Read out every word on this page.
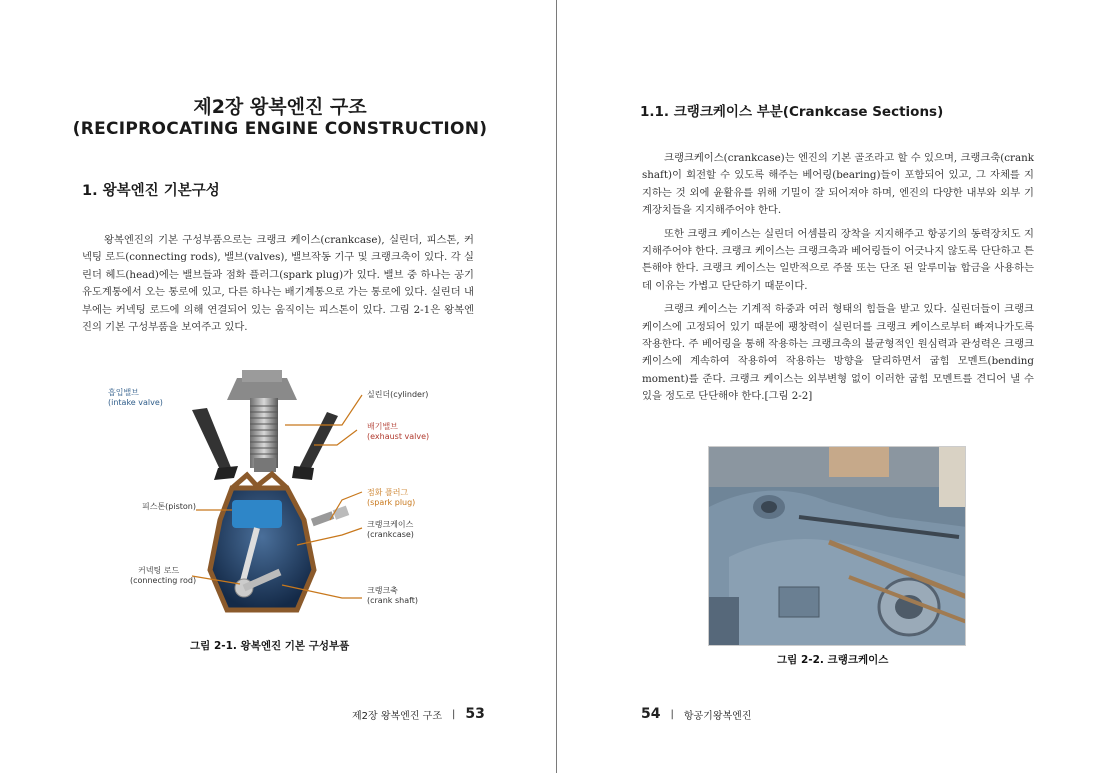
제2장 왕복엔진 구조
(RECIPROCATING ENGINE CONSTRUCTION)
1. 왕복엔진 기본구성

왕복엔진의 기본 구성부품으로는 크랭크 케이스(crankcase), 실린더, 피스톤, 커넥팅 로드(connecting rods), 밸브(valves), 밸브작동 기구 및 크랭크축이 있다. 각 실린더 헤드(head)에는 밸브들과 점화 플러그(spark plug)가 있다. 밸브 중 하나는 공기유도계통에서 오는 통로에 있고, 다른 하나는 배기계통으로 가는 통로에 있다. 실린더 내부에는 커넥팅 로드에 의해 연결되어 있는 움직이는 피스톤이 있다. 그림 2-1은 왕복엔진의 기본 구성부품을 보여주고 있다.

흡입밸브
(intake valve)
실린더(cylinder)
배기밸브
(exhaust valve)
피스톤(piston)
점화 플러그
(spark plug)
크랭크케이스
(crankcase)
커넥팅 로드
(connecting rod)
크랭크축
(crank shaft)
그림 2-1. 왕복엔진 기본 구성부품
제2장 왕복엔진 구조 | 53
1.1. 크랭크케이스 부분(Crankcase Sections)

크랭크케이스(crankcase)는 엔진의 기본 골조라고 할 수 있으며, 크랭크축(crank shaft)이 회전할 수 있도록 해주는 베어링(bearing)들이 포함되어 있고, 그 자체를 지지하는 것 외에 윤활유를 위해 기밀이 잘 되어져야 하며, 엔진의 다양한 내부와 외부 기계장치들을 지지해주어야 한다.

또한 크랭크 케이스는 실린더 어셈블리 장착을 지지해주고 항공기의 동력장치도 지지해주어야 한다. 크랭크 케이스는 크랭크축과 베어링들이 어긋나지 않도록 단단하고 튼튼해야 한다. 크랭크 케이스는 일반적으로 주물 또는 단조 된 알루미늄 합금을 사용하는데 이유는 가볍고 단단하기 때문이다.

크랭크 케이스는 기계적 하중과 여러 형태의 힘들을 받고 있다. 실린더들이 크랭크 케이스에 고정되어 있기 때문에 팽창력이 실린더를 크랭크 케이스로부터 빠져나가도록 작용한다. 주 베어링을 통해 작용하는 크랭크축의 불균형적인 원심력과 관성력은 크랭크 케이스에 계속하여 작용하여 작용하는 방향을 달리하면서 굽힘 모멘트(bending moment)를 준다. 크랭크 케이스는 외부변형 없이 이러한 굽힘 모멘트를 견디어 낼 수 있을 정도로 단단해야 한다.[그림 2-2]

그림 2-2. 크랭크케이스
54 | 항공기왕복엔진
